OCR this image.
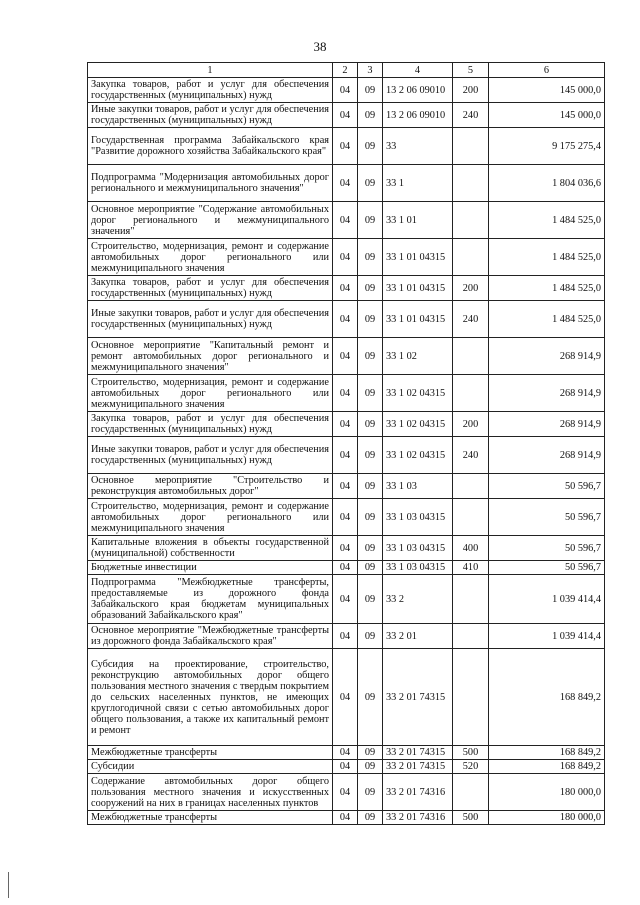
38
1	2	3	4	5	6
Закупка товаров, работ и услуг для обеспечения государственных (муниципальных) нужд	04	09	13 2 06 09010	200	145 000,0
Иные закупки товаров, работ и услуг для обеспечения государственных (муниципальных) нужд	04	09	13 2 06 09010	240	145 000,0
Государственная программа Забайкальского края "Развитие дорожного хозяйства Забайкальского края"	04	09	33		9 175 275,4
Подпрограмма "Модернизация автомобильных дорог регионального и межмуниципального значения"	04	09	33 1		1 804 036,6
Основное мероприятие "Содержание автомобильных дорог регионального и межмуниципального значения"	04	09	33 1 01		1 484 525,0
Строительство, модернизация, ремонт и содержание автомобильных дорог регионального или межмуниципального значения	04	09	33 1 01 04315		1 484 525,0
Закупка товаров, работ и услуг для обеспечения государственных (муниципальных) нужд	04	09	33 1 01 04315	200	1 484 525,0
Иные закупки товаров, работ и услуг для обеспечения государственных (муниципальных) нужд	04	09	33 1 01 04315	240	1 484 525,0
Основное мероприятие "Капитальный ремонт и ремонт автомобильных дорог регионального и межмуниципального значения"	04	09	33 1 02		268 914,9
Строительство, модернизация, ремонт и содержание автомобильных дорог регионального или межмуниципального значения	04	09	33 1 02 04315		268 914,9
Закупка товаров, работ и услуг для обеспечения государственных (муниципальных) нужд	04	09	33 1 02 04315	200	268 914,9
Иные закупки товаров, работ и услуг для обеспечения государственных (муниципальных) нужд	04	09	33 1 02 04315	240	268 914,9
Основное мероприятие "Строительство и реконструкция автомобильных дорог"	04	09	33 1 03		50 596,7
Строительство, модернизация, ремонт и содержание автомобильных дорог регионального или межмуниципального значения	04	09	33 1 03 04315		50 596,7
Капитальные вложения в объекты государственной (муниципальной) собственности	04	09	33 1 03 04315	400	50 596,7
Бюджетные инвестиции	04	09	33 1 03 04315	410	50 596,7
Подпрограмма "Межбюджетные трансферты, предоставляемые из дорожного фонда Забайкальского края бюджетам муниципальных образований Забайкальского края"	04	09	33 2		1 039 414,4
Основное мероприятие "Межбюджетные трансферты из дорожного фонда Забайкальского края"	04	09	33 2 01		1 039 414,4
Субсидия на проектирование, строительство, реконструкцию автомобильных дорог общего пользования местного значения с твердым покрытием до сельских населенных пунктов, не имеющих круглогодичной связи с сетью автомобильных дорог общего пользования, а также их капитальный ремонт и ремонт	04	09	33 2 01 74315		168 849,2
Межбюджетные трансферты	04	09	33 2 01 74315	500	168 849,2
Субсидии	04	09	33 2 01 74315	520	168 849,2
Содержание автомобильных дорог общего пользования местного значения и искусственных сооружений на них в границах населенных пунктов	04	09	33 2 01 74316		180 000,0
Межбюджетные трансферты	04	09	33 2 01 74316	500	180 000,0
